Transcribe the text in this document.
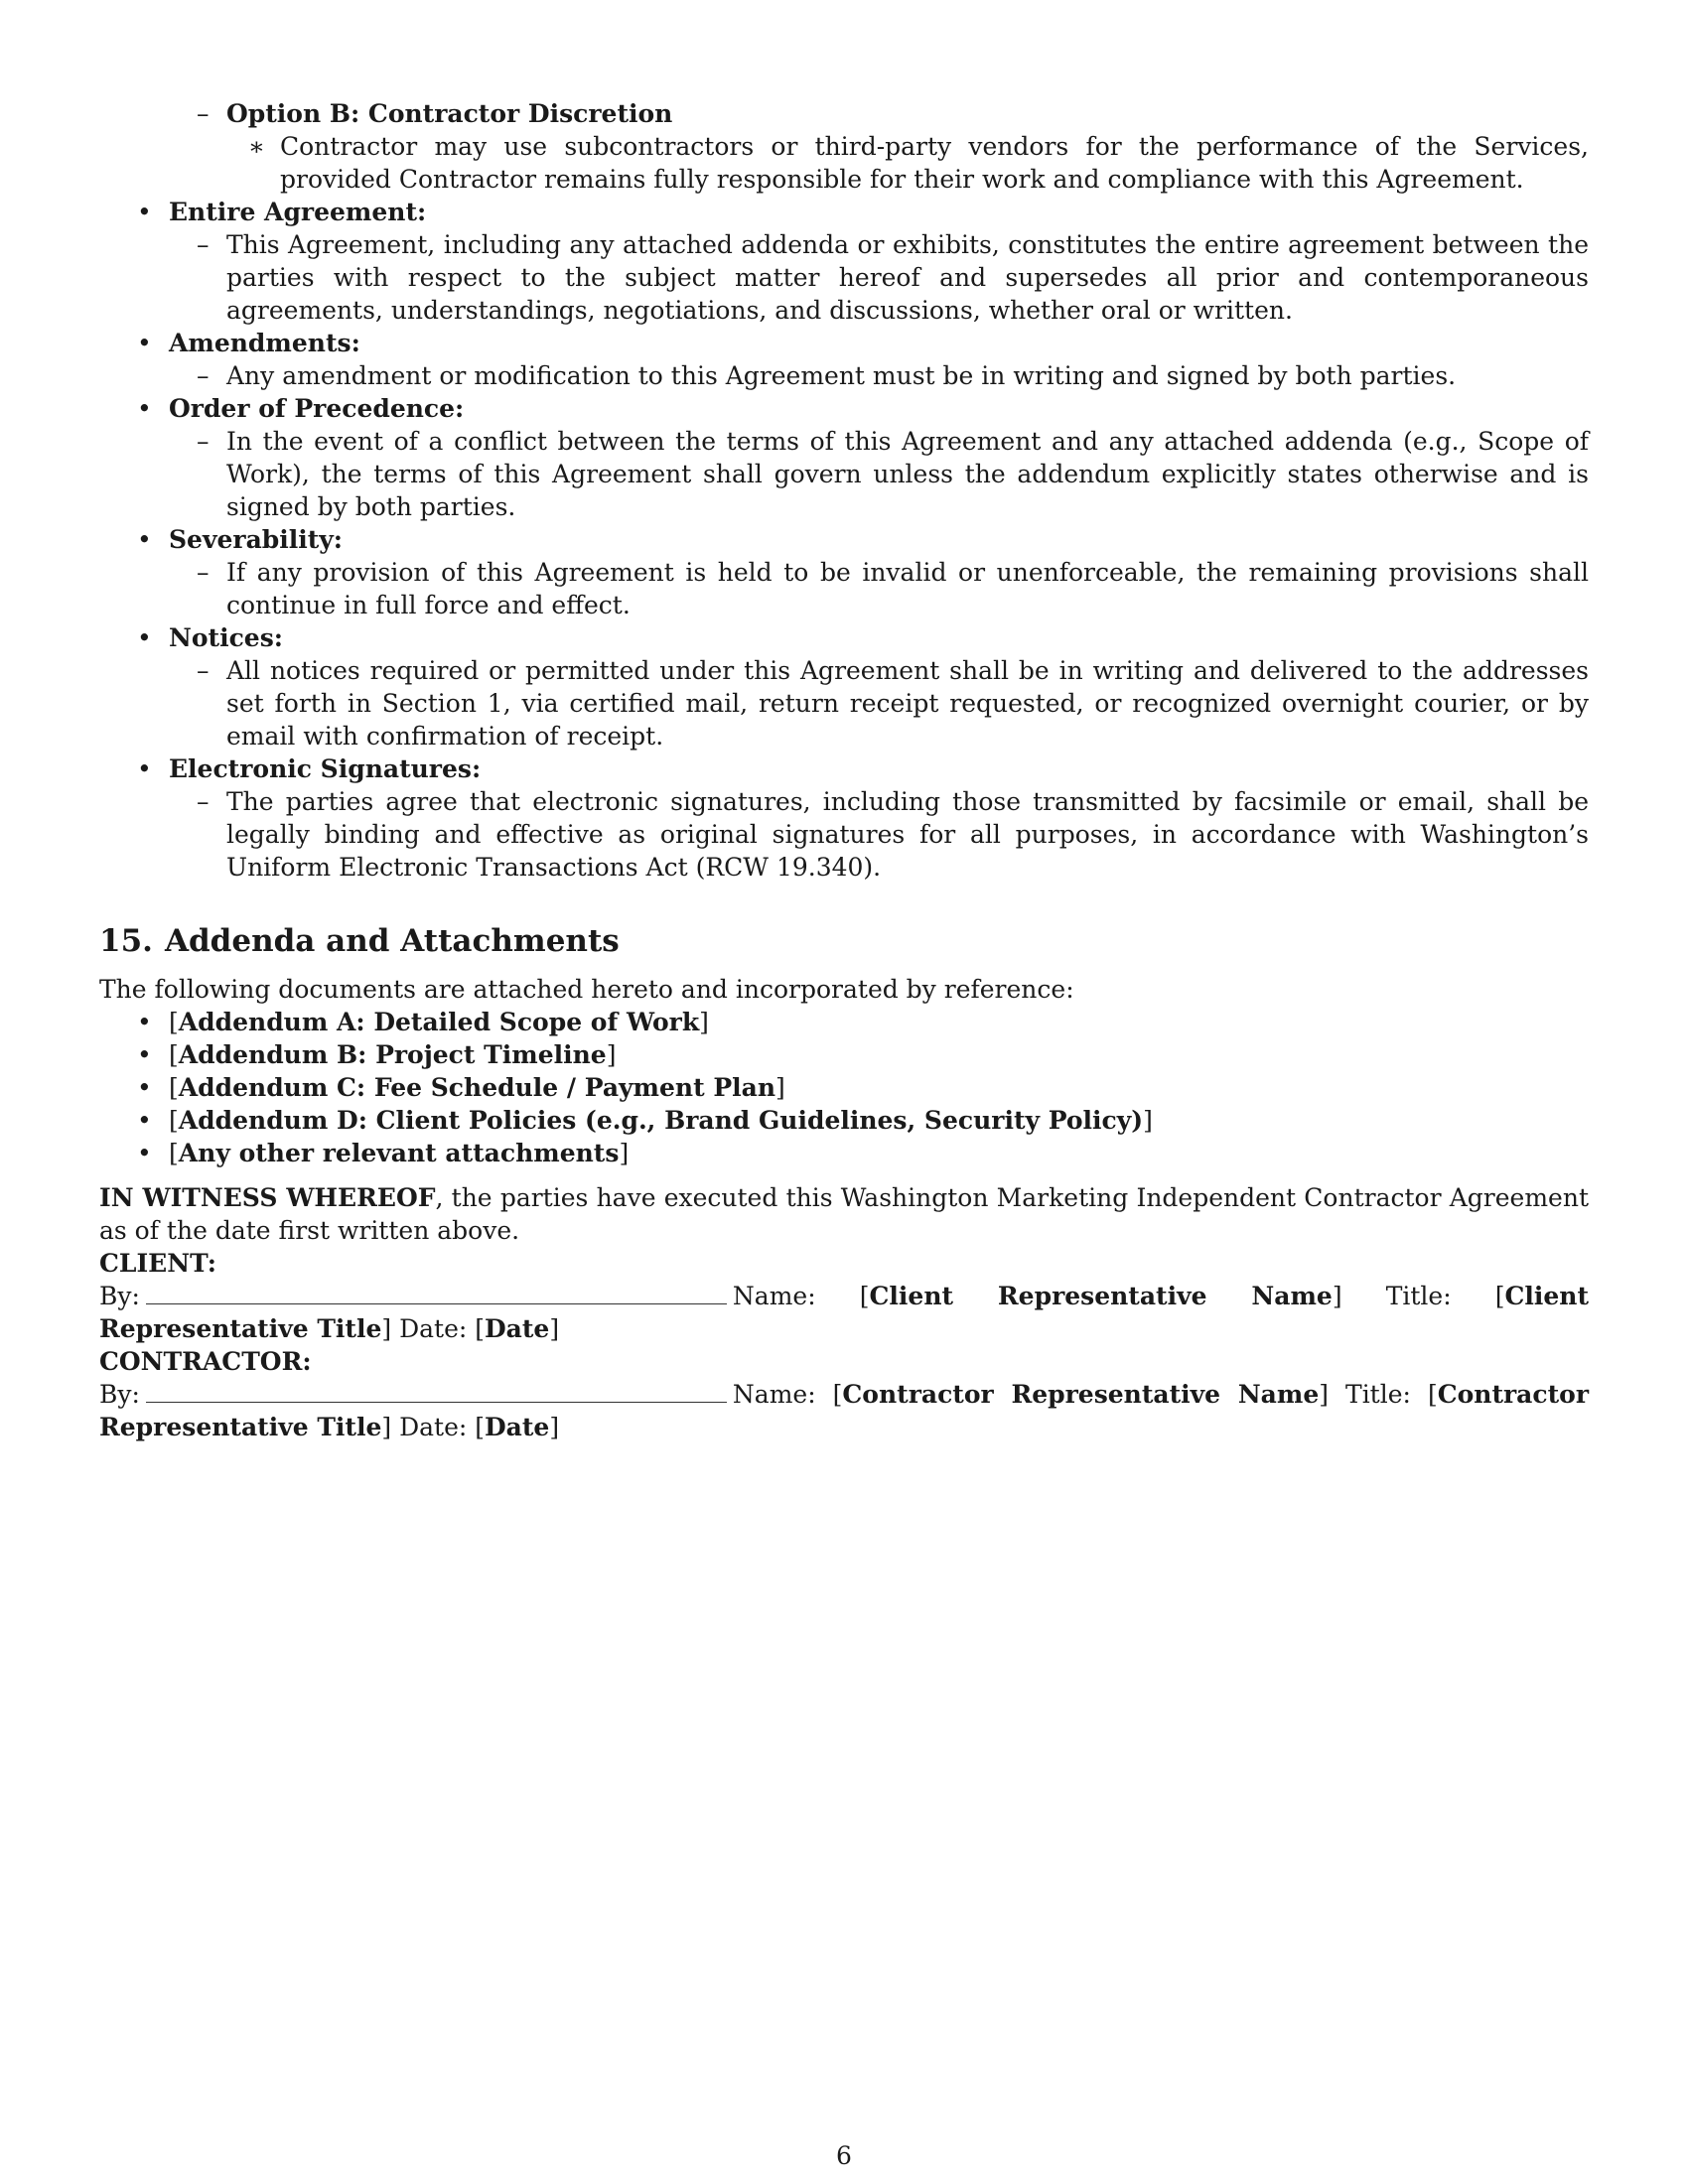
– Option B: Contractor Discretion
∗ Contractor may use subcontractors or third-party vendors for the performance of the Services, provided Contractor remains fully responsible for their work and compliance with this Agreement.
• Entire Agreement:
– This Agreement, including any attached addenda or exhibits, constitutes the entire agreement between the parties with respect to the subject matter hereof and supersedes all prior and contemporaneous agreements, understandings, negotiations, and discussions, whether oral or written.
• Amendments:
– Any amendment or modification to this Agreement must be in writing and signed by both parties.
• Order of Precedence:
– In the event of a conflict between the terms of this Agreement and any attached addenda (e.g., Scope of Work), the terms of this Agreement shall govern unless the addendum explicitly states otherwise and is signed by both parties.
• Severability:
– If any provision of this Agreement is held to be invalid or unenforceable, the remaining provisions shall continue in full force and effect.
• Notices:
– All notices required or permitted under this Agreement shall be in writing and delivered to the addresses set forth in Section 1, via certified mail, return receipt requested, or recognized overnight courier, or by email with confirmation of receipt.
• Electronic Signatures:
– The parties agree that electronic signatures, including those transmitted by facsimile or email, shall be legally binding and effective as original signatures for all purposes, in accordance with Washington’s Uniform Electronic Transactions Act (RCW 19.340).
15. Addenda and Attachments

The following documents are attached hereto and incorporated by reference:

• [Addendum A: Detailed Scope of Work]
• [Addendum B: Project Timeline]
• [Addendum C: Fee Schedule / Payment Plan]
• [Addendum D: Client Policies (e.g., Brand Guidelines, Security Policy)]
• [Any other relevant attachments]

IN WITNESS WHEREOF, the parties have executed this Washington Marketing Independent Contractor Agreement as of the date first written above.

CLIENT:

By:	Name: [Client Representative Name] Title: [Client Representative Title] Date: [Date]

CONTRACTOR:

By:	Name: [Contractor Representative Name] Title: [Contractor Representative Title] Date: [Date]

6
